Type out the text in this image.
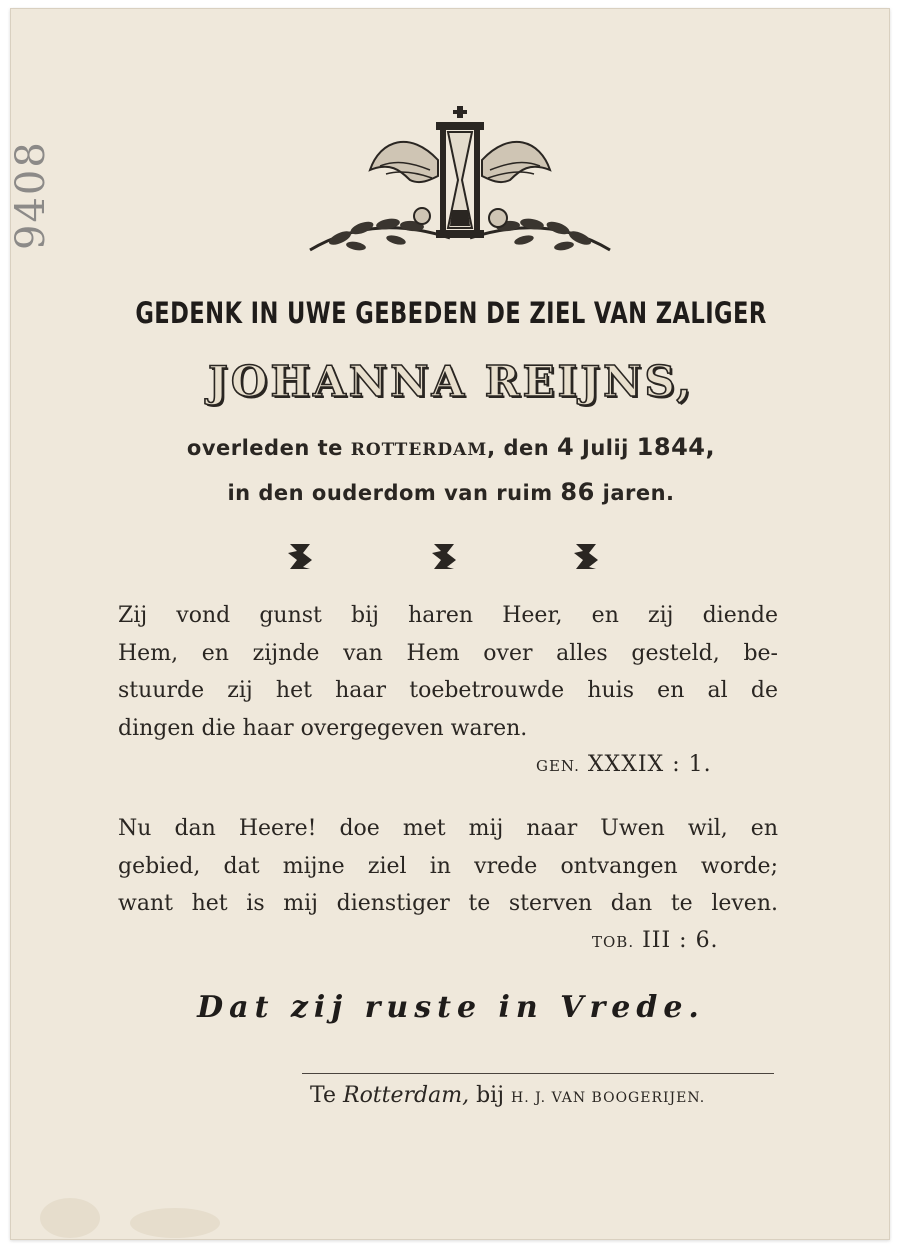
9408
GEDENK IN UWE GEBEDEN DE ZIEL VAN ZALIGER
JOHANNA REIJNS,
overleden te ROTTERDAM, den 4 Julij 1844,
in den ouderdom van ruim 86 jaren.
Zij vond gunst bij haren Heer, en zij diende
Hem, en zijnde van Hem over alles gesteld, be-
stuurde zij het haar toebetrouwde huis en al de
dingen die haar overgegeven waren.
GEN. XXXIX : 1.
Nu dan Heere! doe met mij naar Uwen wil, en
gebied, dat mijne ziel in vrede ontvangen worde;
want het is mij dienstiger te sterven dan te leven.
TOB. III : 6.
Dat zij ruste in Vrede.
Te Rotterdam, bij H. J. VAN BOOGERIJEN.
